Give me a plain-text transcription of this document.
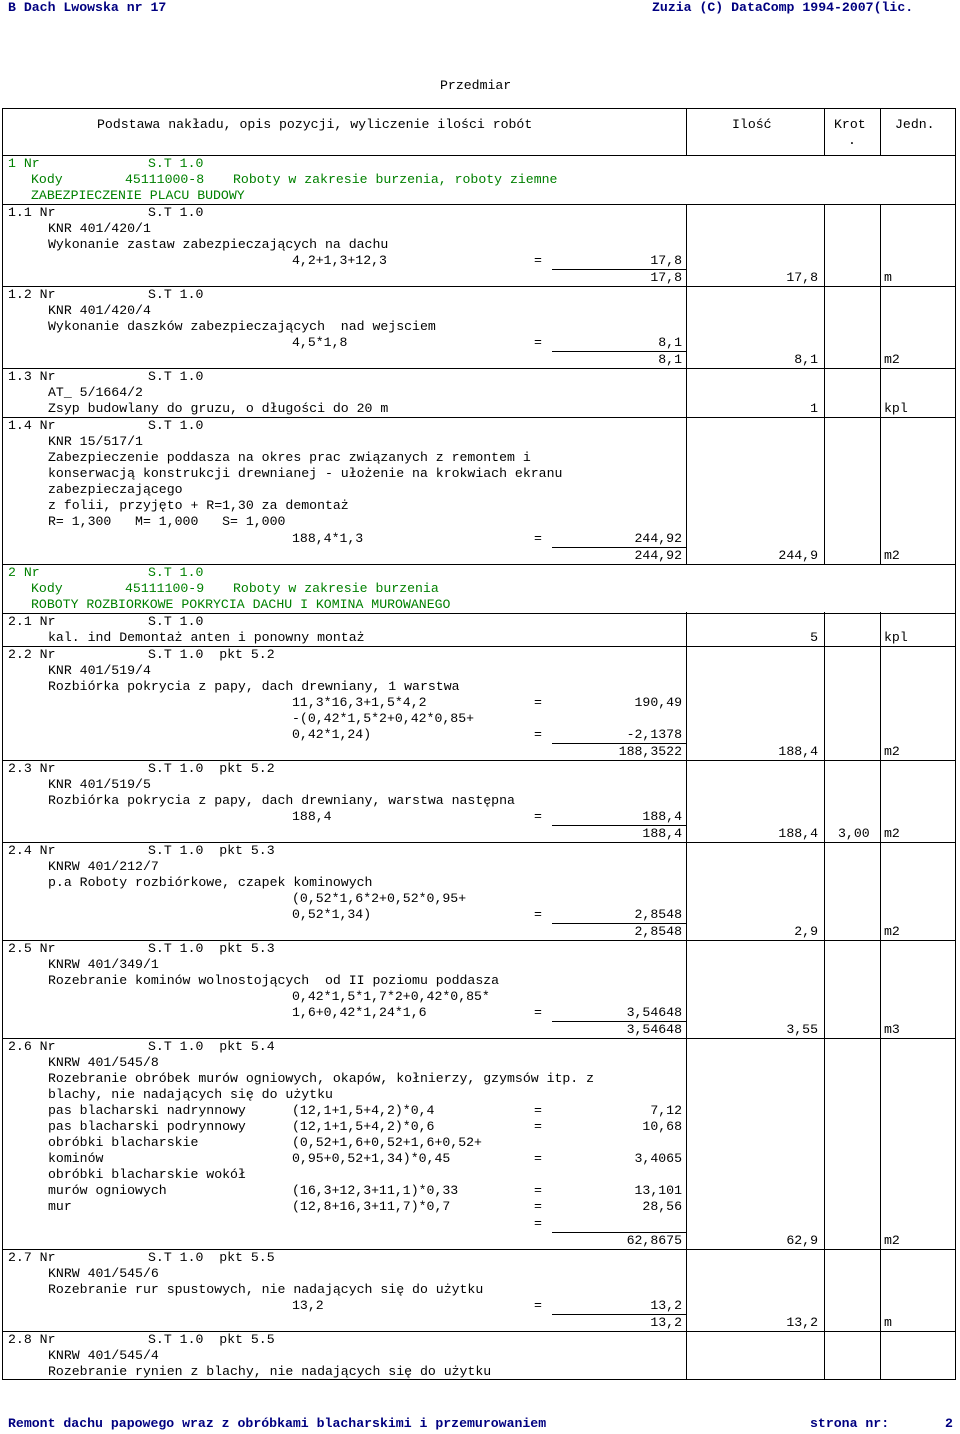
B Dach Lwowska nr 17	Zuzia (C) DataComp 1994-2007(lic.
Przedmiar
Podstawa nakładu, opis pozycji, wyliczenie ilości robót	Ilość	Krot
.
Jedn.
1 Nr	S.T 1.0
Kody	45111000-8 Roboty w zakresie burzenia, roboty ziemne
ZABEZPIECZENIE PLACU BUDOWY
1.1 Nr	S.T 1.0
KNR 401/420/1
Wykonanie zastaw zabezpieczających na dachu
4,2+1,3+12,3	=	17,8
17,8	17,8	m
1.2 Nr	S.T 1.0
KNR 401/420/4
Wykonanie daszków zabezpieczających  nad wejsciem
4,5*1,8	=	8,1
8,1	8,1	m2
1.3 Nr	S.T 1.0
AT_ 5/1664/2
Zsyp budowlany do gruzu, o długości do 20 m	1	kpl
1.4 Nr	S.T 1.0
KNR 15/517/1
Zabezpieczenie poddasza na okres prac związanych z remontem i
konserwacją konstrukcji drewnianej - ułożenie na krokwiach ekranu
zabezpieczającego
z folii, przyjęto + R=1,30 za demontaż
R= 1,300   M= 1,000   S= 1,000
188,4*1,3	=	244,92
244,92	244,9	m2
2 Nr	S.T 1.0
Kody	45111100-9 Roboty w zakresie burzenia
ROBOTY ROZBIORKOWE POKRYCIA DACHU I KOMINA MUROWANEGO
2.1 Nr	S.T 1.0
kal. ind Demontaż anten i ponowny montaż	5	kpl
2.2 Nr	S.T 1.0  pkt 5.2
KNR 401/519/4
Rozbiórka pokrycia z papy, dach drewniany, 1 warstwa
11,3*16,3+1,5*4,2	=	190,49
-(0,42*1,5*2+0,42*0,85+
0,42*1,24)	=	-2,1378
188,3522	188,4	m2
2.3 Nr	S.T 1.0  pkt 5.2
KNR 401/519/5
Rozbiórka pokrycia z papy, dach drewniany, warstwa następna
188,4	=	188,4
188,4	188,4 3,00 m2
2.4 Nr	S.T 1.0  pkt 5.3
KNRW 401/212/7
p.a Roboty rozbiórkowe, czapek kominowych
(0,52*1,6*2+0,52*0,95+
0,52*1,34)	=	2,8548
2,8548	2,9	m2
2.5 Nr	S.T 1.0  pkt 5.3
KNRW 401/349/1
Rozebranie kominów wolnostojących  od II poziomu poddasza
0,42*1,5*1,7*2+0,42*0,85*
1,6+0,42*1,24*1,6	=	3,54648
3,54648	3,55	m3
2.6 Nr	S.T 1.0  pkt 5.4
KNRW 401/545/8
Rozebranie obróbek murów ogniowych, okapów, kołnierzy, gzymsów itp. z
blachy, nie nadających się do użytku
pas blacharski nadrynnowy	(12,1+1,5+4,2)*0,4	=	7,12
pas blacharski podrynnowy	(12,1+1,5+4,2)*0,6	=	10,68
obróbki blacharskie	(0,52+1,6+0,52+1,6+0,52+
kominów	0,95+0,52+1,34)*0,45	=	3,4065
obróbki blacharskie wokół
murów ogniowych	(16,3+12,3+11,1)*0,33	=	13,101
mur	(12,8+16,3+11,7)*0,7	=	28,56
=
62,8675	62,9	m2
2.7 Nr	S.T 1.0  pkt 5.5
KNRW 401/545/6
Rozebranie rur spustowych, nie nadających się do użytku
13,2	=	13,2
13,2	13,2	m
2.8 Nr	S.T 1.0  pkt 5.5
KNRW 401/545/4
Rozebranie rynien z blachy, nie nadających się do użytku
Remont dachu papowego wraz z obróbkami blacharskimi i przemurowaniem	strona nr:	2
